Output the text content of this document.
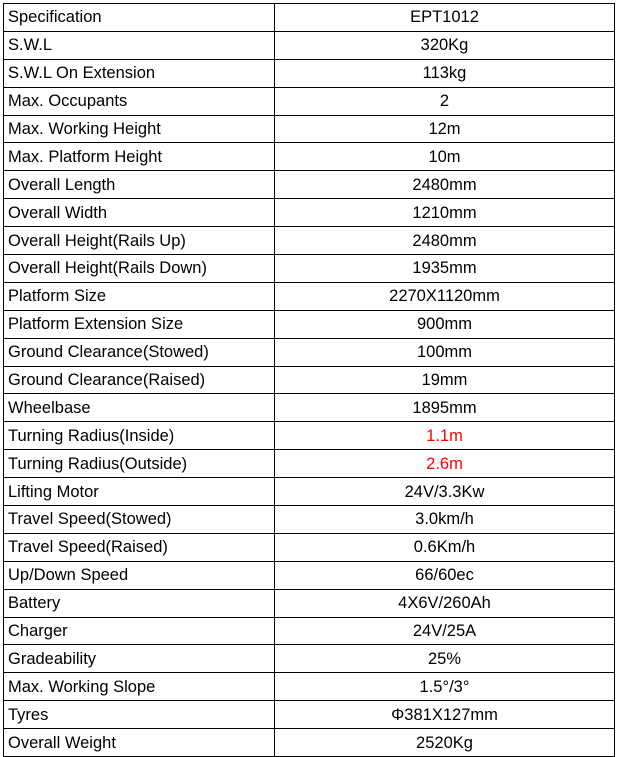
Specification	EPT1012
S.W.L	320Kg
S.W.L On Extension	113kg
Max. Occupants	2
Max. Working Height	12m
Max. Platform Height	10m
Overall Length	2480mm
Overall Width	1210mm
Overall Height(Rails Up)	2480mm
Overall Height(Rails Down)	1935mm
Platform Size	2270X1120mm
Platform Extension Size	900mm
Ground Clearance(Stowed)	100mm
Ground Clearance(Raised)	19mm
Wheelbase	1895mm
Turning Radius(Inside)	1.1m
Turning Radius(Outside)	2.6m
Lifting Motor	24V/3.3Kw
Travel Speed(Stowed)	3.0km/h
Travel Speed(Raised)	0.6Km/h
Up/Down Speed	66/60ec
Battery	4X6V/260Ah
Charger	24V/25A
Gradeability	25%
Max. Working Slope	1.5°/3°
Tyres	Φ381X127mm
Overall Weight	2520Kg
